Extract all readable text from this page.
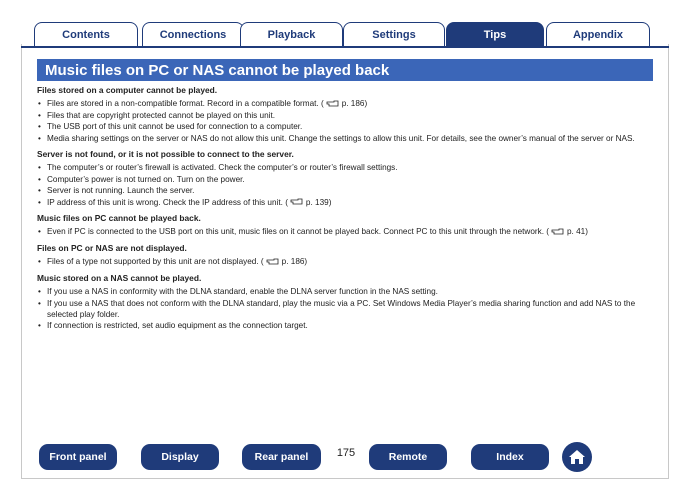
Contents	Connections	Playback	Settings	Tips	Appendix
Music files on PC or NAS cannot be played back
Files stored on a computer cannot be played.
• Files are stored in a non-compatible format. Record in a compatible format. ( p. 186)
• Files that are copyright protected cannot be played on this unit.
• The USB port of this unit cannot be used for connection to a computer.
• Media sharing settings on the server or NAS do not allow this unit. Change the settings to allow this unit. For details, see the owner’s manual of the server or NAS.
Server is not found, or it is not possible to connect to the server.
• The computer’s or router’s firewall is activated. Check the computer’s or router’s firewall settings.
• Computer’s power is not turned on. Turn on the power.
• Server is not running. Launch the server.
• IP address of this unit is wrong. Check the IP address of this unit. ( p. 139)
Music files on PC cannot be played back.
• Even if PC is connected to the USB port on this unit, music files on it cannot be played back. Connect PC to this unit through the network. ( p. 41)
Files on PC or NAS are not displayed.
• Files of a type not supported by this unit are not displayed. ( p. 186)
Music stored on a NAS cannot be played.
• If you use a NAS in conformity with the DLNA standard, enable the DLNA server function in the NAS setting.
• If you use a NAS that does not conform with the DLNA standard, play the music via a PC. Set Windows Media Player’s media sharing function and add NAS to the selected play folder.
• If connection is restricted, set audio equipment as the connection target.
Front panel	Display	Rear panel	Remote	Index
175
